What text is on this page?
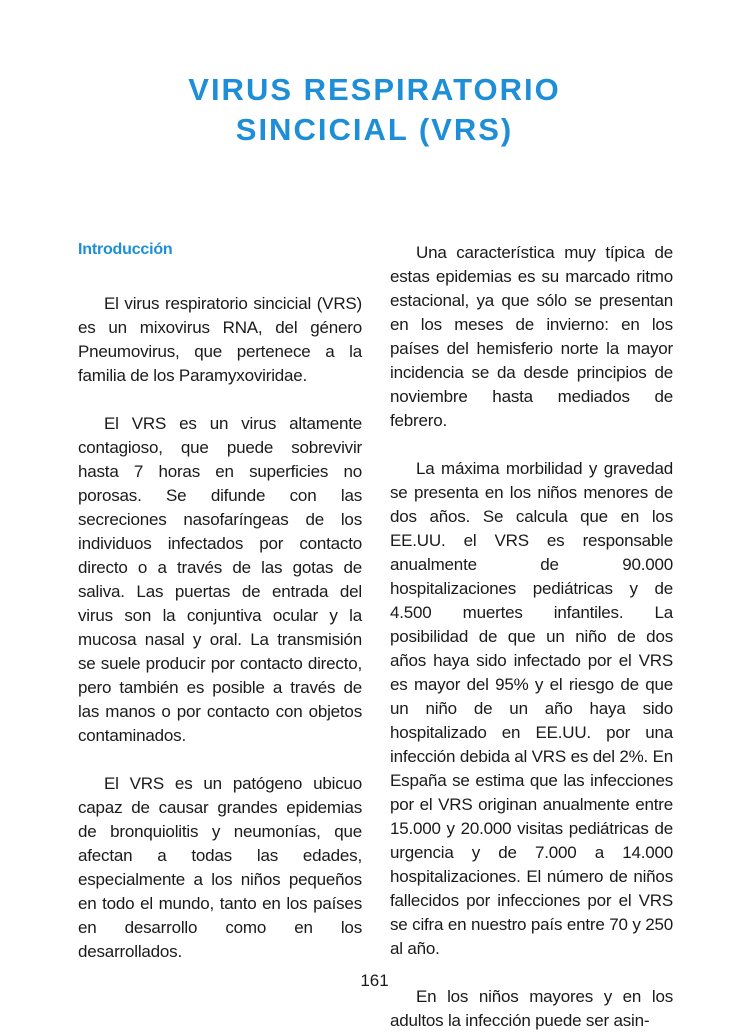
VIRUS RESPIRATORIO
SINCICIAL (VRS)

Introducción

El virus respiratorio sincicial (VRS) es un mixovirus RNA, del género Pneumovirus, que pertenece a la familia de los Paramyxoviridae.

El VRS es un virus altamente contagioso, que puede sobrevivir hasta 7 horas en superficies no porosas. Se difunde con las secreciones nasofaríngeas de los individuos infectados por contacto directo o a través de las gotas de saliva. Las puertas de entrada del virus son la conjuntiva ocular y la mucosa nasal y oral. La transmisión se suele producir por contacto directo, pero también es posible a través de las manos o por contacto con objetos contaminados.

El VRS es un patógeno ubicuo capaz de causar grandes epidemias de bronquiolitis y neumonías, que afectan a todas las edades, especialmente a los niños pequeños en todo el mundo, tanto en los países en desarrollo como en los desarrollados.

Una característica muy típica de estas epidemias es su marcado ritmo estacional, ya que sólo se presentan en los meses de invierno: en los países del hemisferio norte la mayor incidencia se da desde principios de noviembre hasta mediados de febrero.

La máxima morbilidad y gravedad se presenta en los niños menores de dos años. Se calcula que en los EE.UU. el VRS es responsable anualmente de 90.000 hospitalizaciones pediátricas y de 4.500 muertes infantiles. La posibilidad de que un niño de dos años haya sido infectado por el VRS es mayor del 95% y el riesgo de que un niño de un año haya sido hospitalizado en EE.UU. por una infección debida al VRS es del 2%. En España se estima que las infecciones por el VRS originan anualmente entre 15.000 y 20.000 visitas pediátricas de urgencia y de 7.000 a 14.000 hospitalizaciones. El número de niños fallecidos por infecciones por el VRS se cifra en nuestro país entre 70 y 250 al año.

En los niños mayores y en los adultos la infección puede ser asin-

161
